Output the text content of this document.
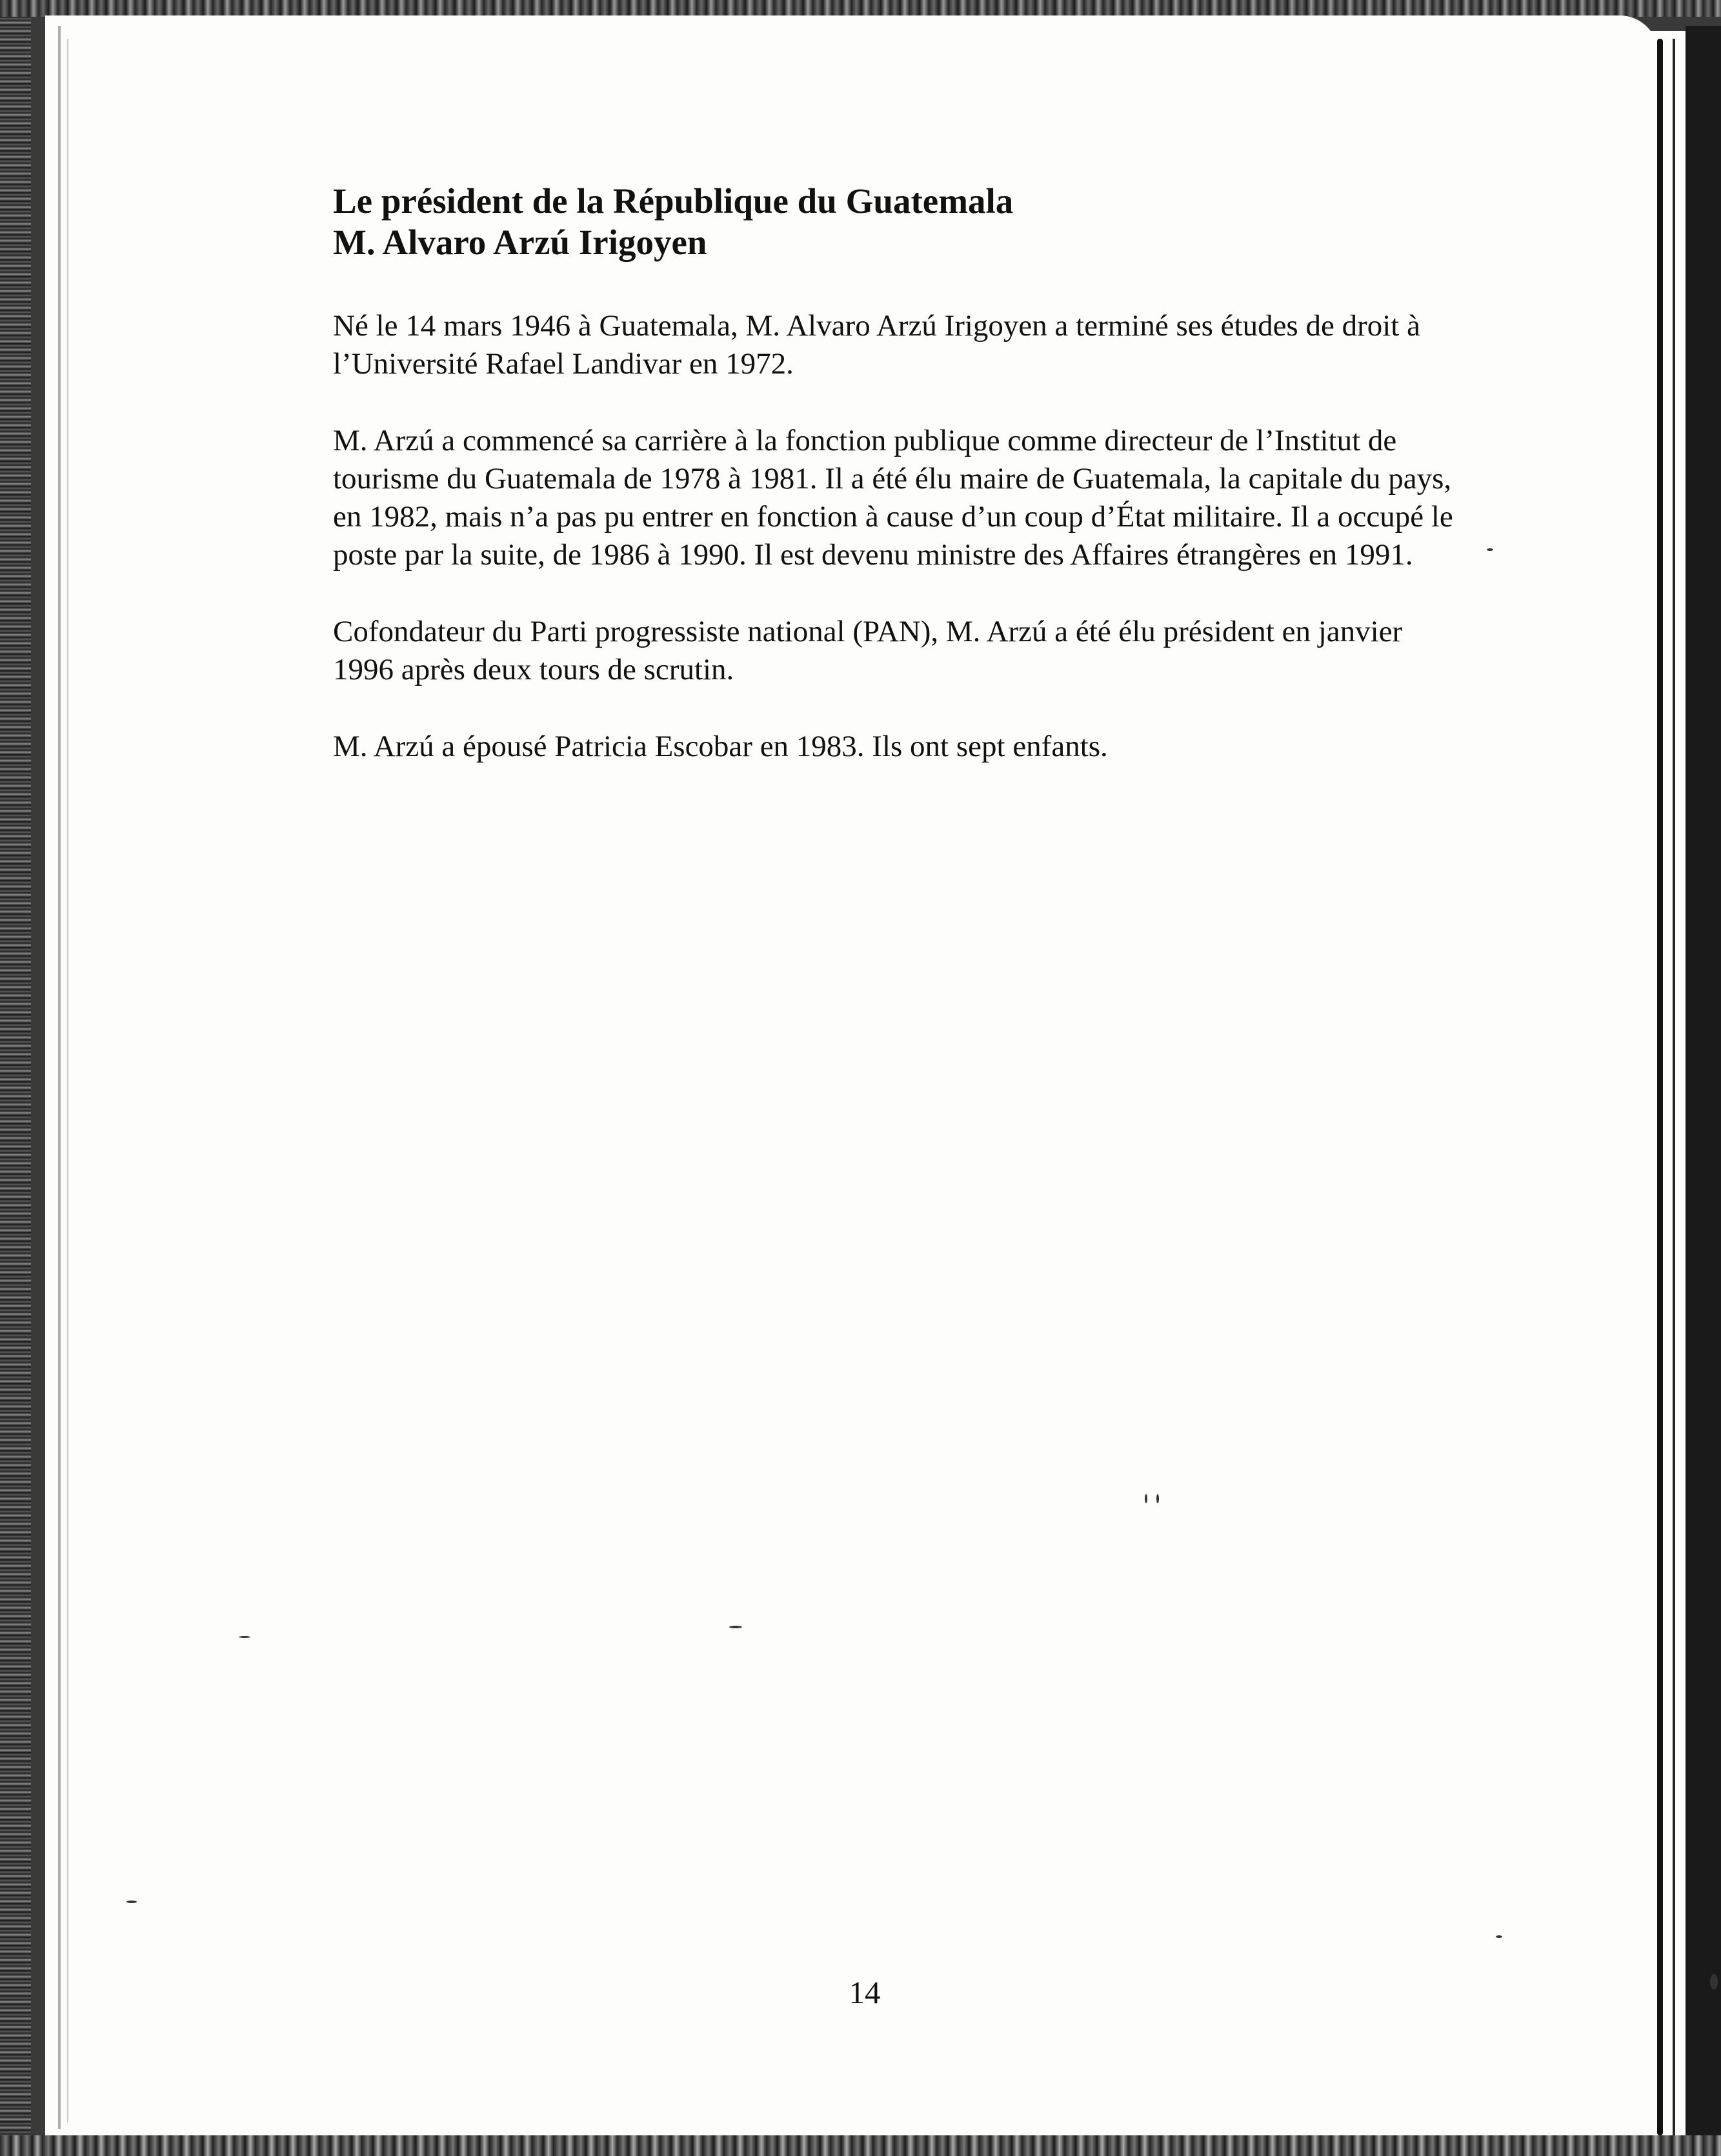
Le président de la République du Guatemala
M. Alvaro Arzú Irigoyen

Né le 14 mars 1946 à Guatemala, M. Alvaro Arzú Irigoyen a terminé ses études de droit à l’Université Rafael Landivar en 1972.

M. Arzú a commencé sa carrière à la fonction publique comme directeur de l’Institut de tourisme du Guatemala de 1978 à 1981. Il a été élu maire de Guatemala, la capitale du pays, en 1982, mais n’a pas pu entrer en fonction à cause d’un coup d’État militaire. Il a occupé le poste par la suite, de 1986 à 1990. Il est devenu ministre des Affaires étrangères en 1991.

Cofondateur du Parti progressiste national (PAN), M. Arzú a été élu président en janvier 1996 après deux tours de scrutin.

M. Arzú a épousé Patricia Escobar en 1983. Ils ont sept enfants.

14
